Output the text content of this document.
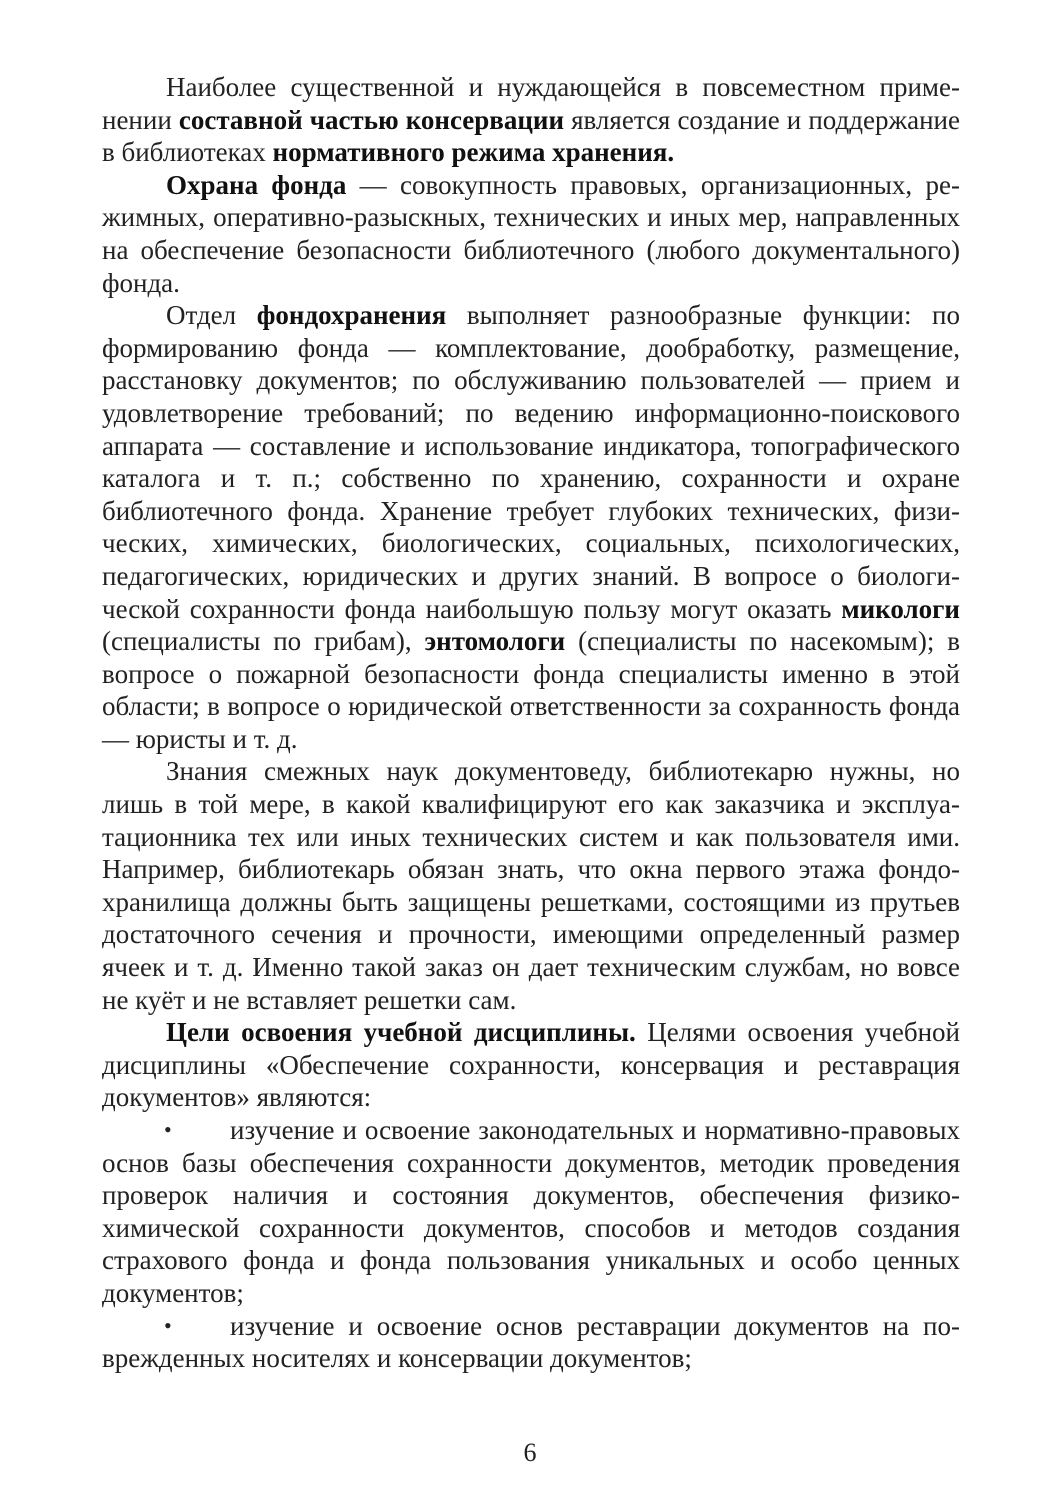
Наиболее существенной и нуждающейся в повсеместном применении составной частью консервации является создание и поддержание в библиотеках нормативного режима хранения.

Охрана фонда — совокупность правовых, организационных, режимных, оперативно-разыскных, технических и иных мер, направленных на обеспечение безопасности библиотечного (любого документального) фонда.

Отдел фондохранения выполняет разнообразные функции: по формированию фонда — комплектование, дообработку, размещение, расстановку документов; по обслуживанию пользователей — прием и удовлетворение требований; по ведению информационно-поискового аппарата — составление и использование индикатора, топографического каталога и т. п.; собственно по хранению, сохранности и охране библиотечного фонда. Хранение требует глубоких технических, физических, химических, биологических, социальных, психологических, педагогических, юридических и других знаний. В вопросе о биологической сохранности фонда наибольшую пользу могут оказать микологи (специалисты по грибам), энтомологи (специалисты по насекомым); в вопросе о пожарной безопасности фонда специалисты именно в этой области; в вопросе о юридической ответственности за сохранность фонда — юристы и т. д.

Знания смежных наук документоведу, библиотекарю нужны, но лишь в той мере, в какой квалифицируют его как заказчика и эксплуатационника тех или иных технических систем и как пользователя ими. Например, библиотекарь обязан знать, что окна первого этажа фондохранилища должны быть защищены решетками, состоящими из прутьев достаточного сечения и прочности, имеющими определенный размер ячеек и т. д. Именно такой заказ он дает техническим службам, но вовсе не куёт и не вставляет решетки сам.

Цели освоения учебной дисциплины. Целями освоения учебной дисциплины «Обеспечение сохранности, консервация и реставрация документов» являются:

• изучение и освоение законодательных и нормативно-правовых основ базы обеспечения сохранности документов, методик проведения проверок наличия и состояния документов, обеспечения физико-химической сохранности документов, способов и методов создания страхового фонда и фонда пользования уникальных и особо ценных документов;

• изучение и освоение основ реставрации документов на поврежденных носителях и консервации документов;

6
